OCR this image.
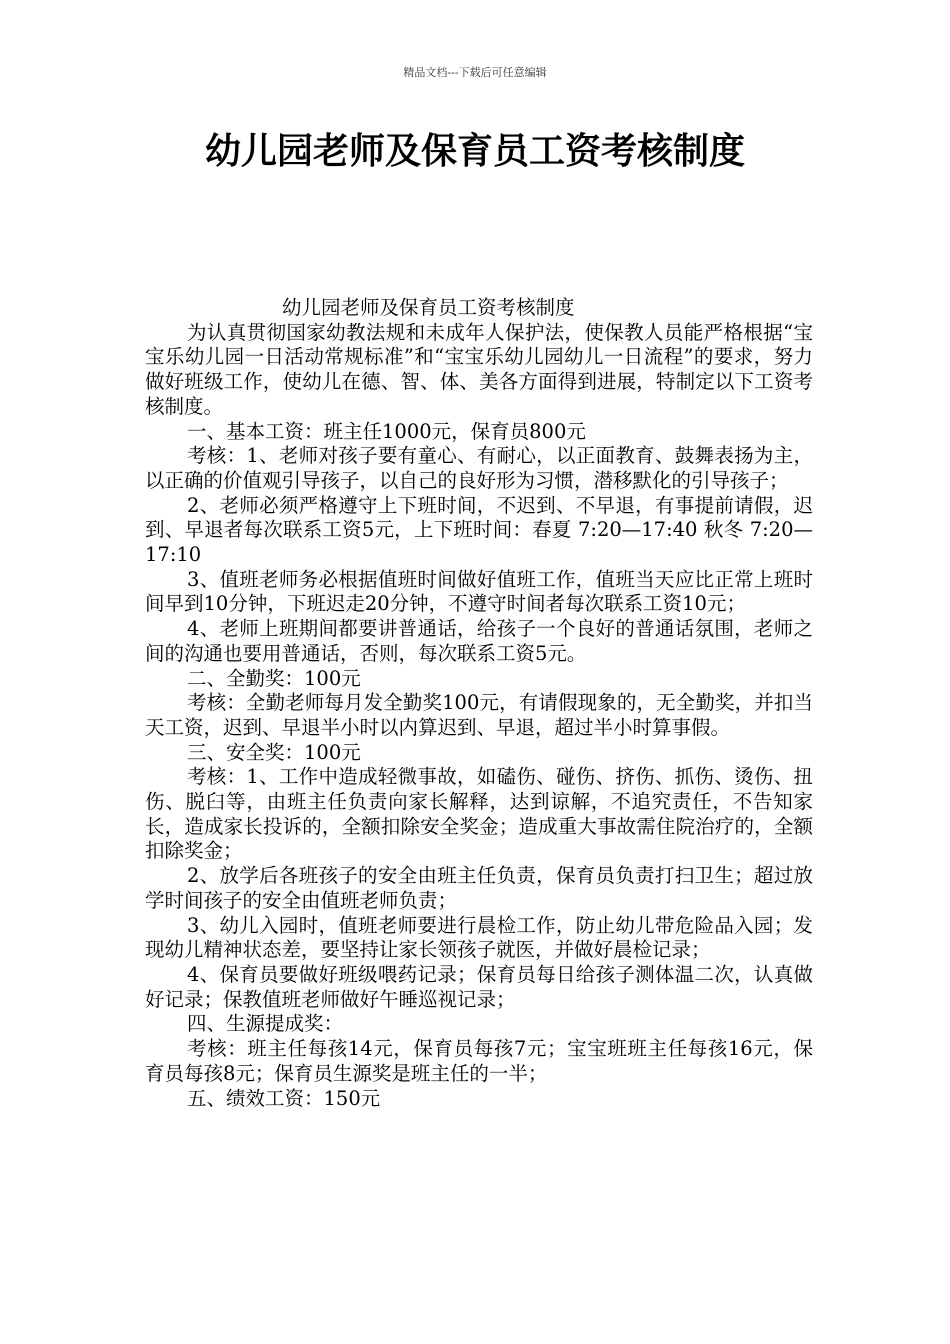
精品文档---下载后可任意编辑
幼儿园老师及保育员工资考核制度

幼儿园老师及保育员工资考核制度

为认真贯彻国家幼教法规和未成年人保护法，使保教人员能严格根据“宝宝乐幼儿园一日活动常规标准”和“宝宝乐幼儿园幼儿一日流程”的要求，努力做好班级工作，使幼儿在德、智、体、美各方面得到进展，特制定以下工资考核制度。

一、基本工资：班主任1000元，保育员800元

考核：1、老师对孩子要有童心、有耐心，以正面教育、鼓舞表扬为主，以正确的价值观引导孩子，以自己的良好形为习惯，潜移默化的引导孩子；

2、老师必须严格遵守上下班时间，不迟到、不早退，有事提前请假，迟到、早退者每次联系工资5元，上下班时间：春夏 7:20—17:40 秋冬 7:20—17:10

3、值班老师务必根据值班时间做好值班工作，值班当天应比正常上班时间早到10分钟，下班迟走20分钟，不遵守时间者每次联系工资10元；

4、老师上班期间都要讲普通话，给孩子一个良好的普通话氛围，老师之间的沟通也要用普通话，否则，每次联系工资5元。

二、全勤奖：100元

考核：全勤老师每月发全勤奖100元，有请假现象的，无全勤奖，并扣当天工资，迟到、早退半小时以内算迟到、早退，超过半小时算事假。

三、安全奖：100元

考核：1、工作中造成轻微事故，如磕伤、碰伤、挤伤、抓伤、烫伤、扭伤、脱臼等，由班主任负责向家长解释，达到谅解，不追究责任，不告知家长，造成家长投诉的，全额扣除安全奖金；造成重大事故需住院治疗的，全额扣除奖金；

2、放学后各班孩子的安全由班主任负责，保育员负责打扫卫生；超过放学时间孩子的安全由值班老师负责；

3、幼儿入园时，值班老师要进行晨检工作，防止幼儿带危险品入园；发现幼儿精神状态差，要坚持让家长领孩子就医，并做好晨检记录；

4、保育员要做好班级喂药记录；保育员每日给孩子测体温二次，认真做好记录；保教值班老师做好午睡巡视记录；

四、生源提成奖：

考核：班主任每孩14元，保育员每孩7元；宝宝班班主任每孩16元，保育员每孩8元；保育员生源奖是班主任的一半；

五、绩效工资：150元
